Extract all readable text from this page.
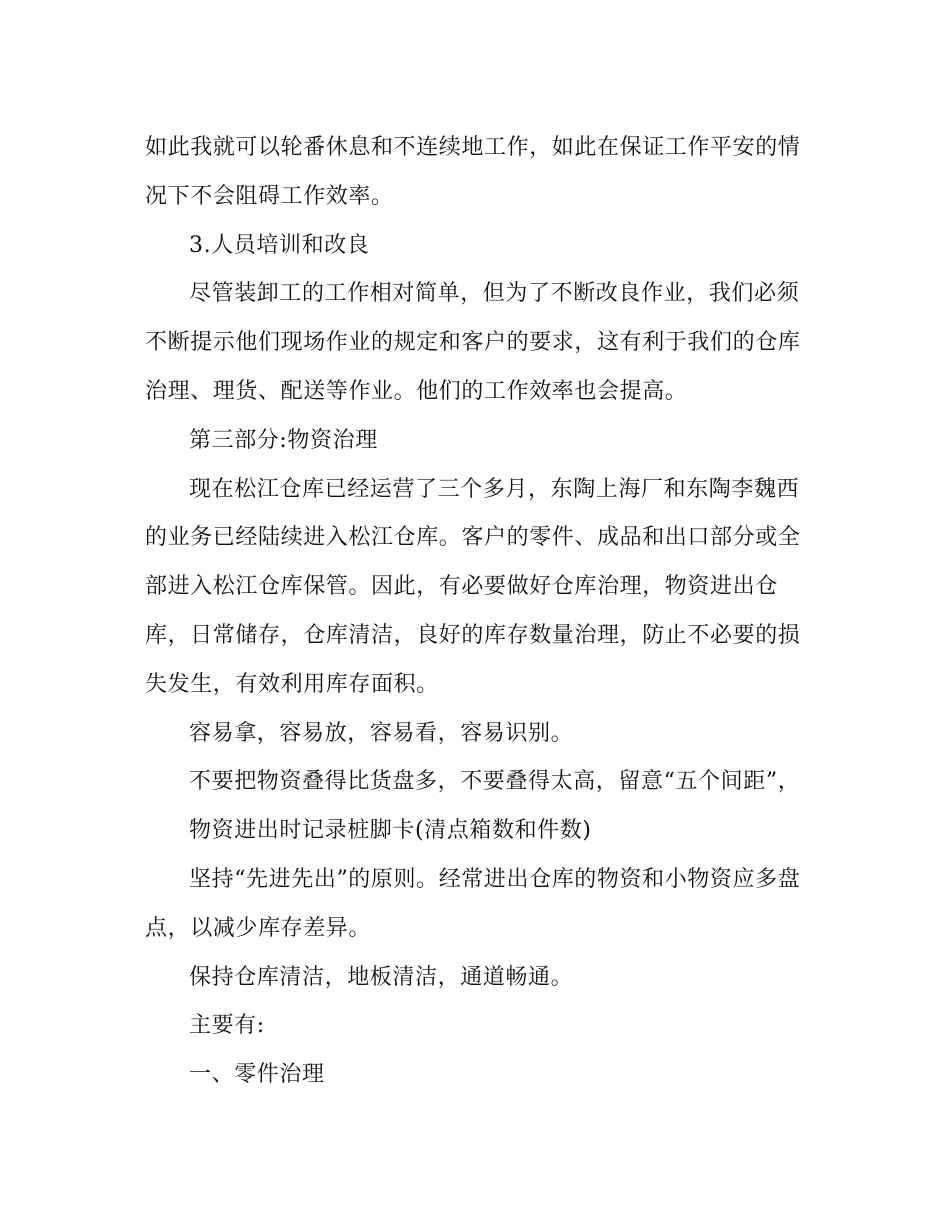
如此我就可以轮番休息和不连续地工作，如此在保证工作平安的情况下不会阻碍工作效率。

3.人员培训和改良

尽管装卸工的工作相对简单，但为了不断改良作业，我们必须不断提示他们现场作业的规定和客户的要求，这有利于我们的仓库治理、理货、配送等作业。他们的工作效率也会提高。

第三部分:物资治理

现在松江仓库已经运营了三个多月，东陶上海厂和东陶李魏西的业务已经陆续进入松江仓库。客户的零件、成品和出口部分或全部进入松江仓库保管。因此，有必要做好仓库治理，物资进出仓库，日常储存，仓库清洁，良好的库存数量治理，防止不必要的损失发生，有效利用库存面积。

容易拿，容易放，容易看，容易识别。

不要把物资叠得比货盘多，不要叠得太高，留意“五个间距”，

物资进出时记录桩脚卡(清点箱数和件数)

坚持“先进先出”的原则。经常进出仓库的物资和小物资应多盘点，以减少库存差异。

保持仓库清洁，地板清洁，通道畅通。

主要有:

一、零件治理
